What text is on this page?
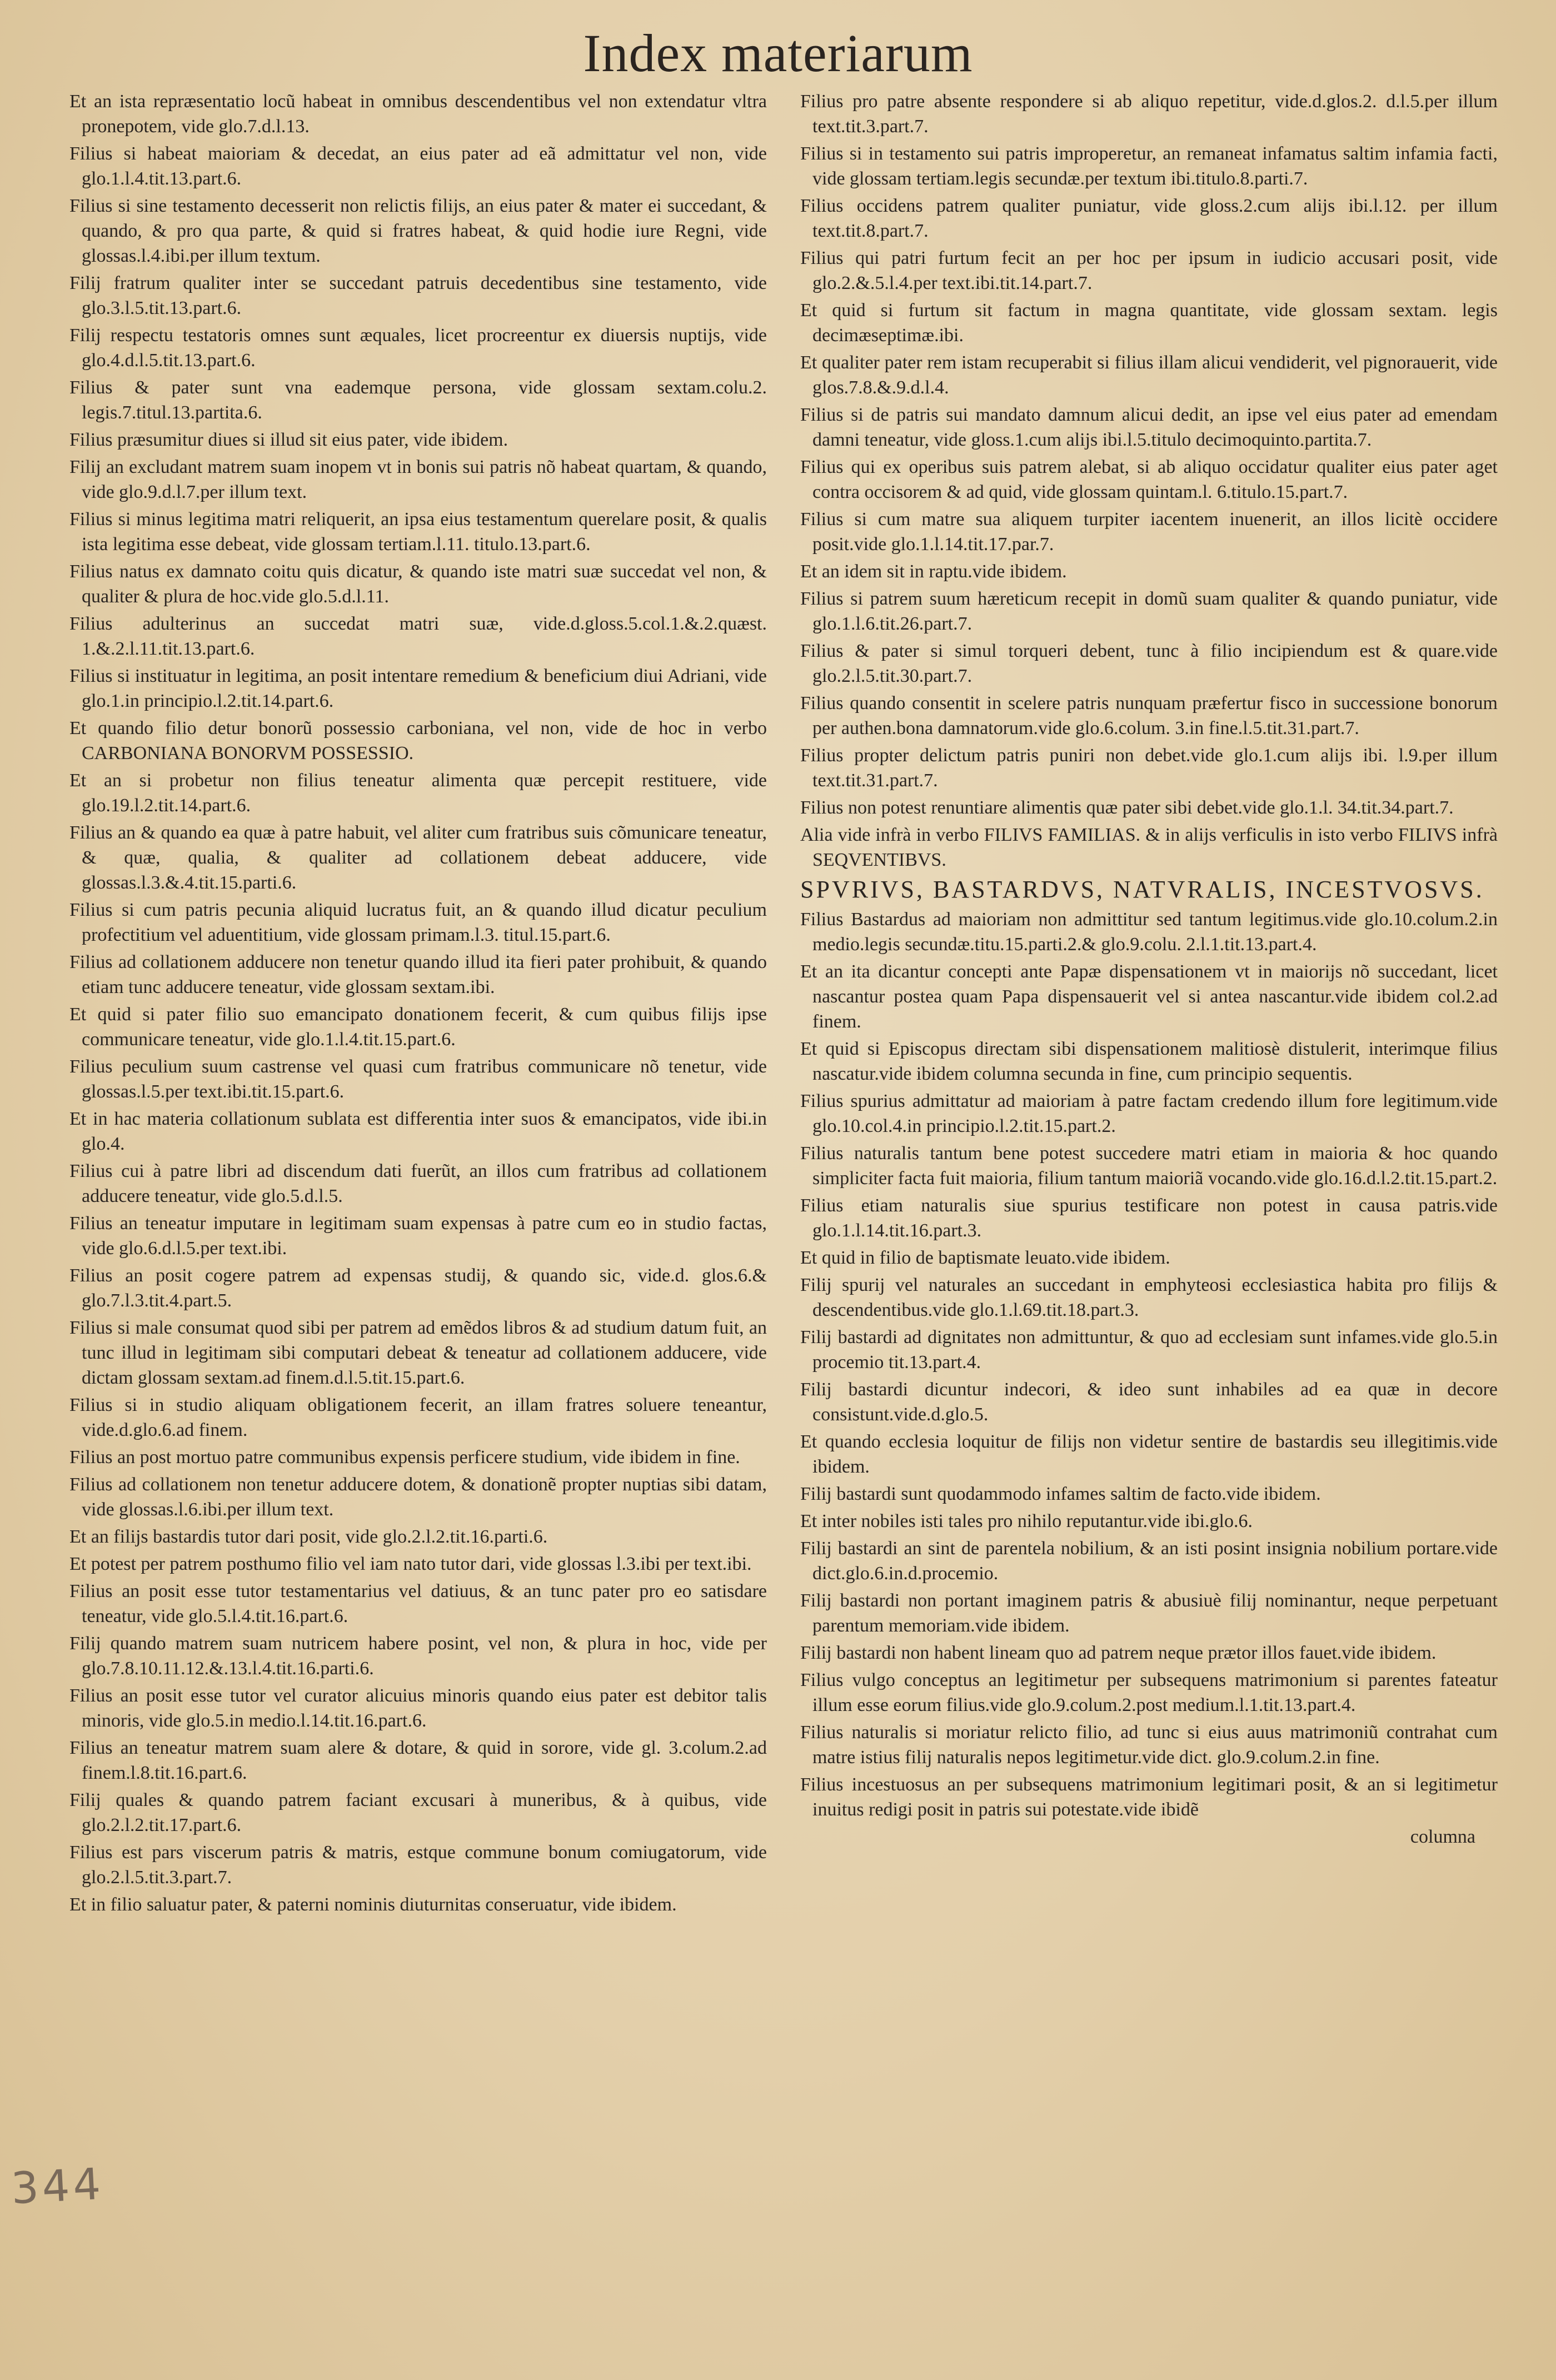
Index materiarum
Et an ista repræsentatio locũ habeat in omnibus descendentibus vel non extendatur vltra pronepotem, vide glo.7.d.l.13.
Filius si habeat maioriam & decedat, an eius pater ad eã admittatur vel non, vide glo.1.l.4.tit.13.part.6.
Filius si sine testamento decesserit non relictis filijs, an eius pater & mater ei succedant, & quando, & pro qua parte, & quid si fratres habeat, & quid hodie iure Regni, vide glossas.l.4.ibi.per illum textum.
Filij fratrum qualiter inter se succedant patruis decedentibus sine testamento, vide glo.3.l.5.tit.13.part.6.
Filij respectu testatoris omnes sunt æquales, licet procreentur ex diuersis nuptijs, vide glo.4.d.l.5.tit.13.part.6.
Filius & pater sunt vna eademque persona, vide glossam sextam.colu.2. legis.7.titul.13.partita.6.
Filius præsumitur diues si illud sit eius pater, vide ibidem.
Filij an excludant matrem suam inopem vt in bonis sui patris nõ habeat quartam, & quando, vide glo.9.d.l.7.per illum text.
Filius si minus legitima matri reliquerit, an ipsa eius testamentum querelare posit, & qualis ista legitima esse debeat, vide glossam tertiam.l.11. titulo.13.part.6.
Filius natus ex damnato coitu quis dicatur, & quando iste matri suæ succedat vel non, & qualiter & plura de hoc.vide glo.5.d.l.11.
Filius adulterinus an succedat matri suæ, vide.d.gloss.5.col.1.&.2.quæst. 1.&.2.l.11.tit.13.part.6.
Filius si instituatur in legitima, an posit intentare remedium & beneficium diui Adriani, vide glo.1.in principio.l.2.tit.14.part.6.
Et quando filio detur bonorũ possessio carboniana, vel non, vide de hoc in verbo CARBONIANA BONORVM POSSESSIO.
Et an si probetur non filius teneatur alimenta quæ percepit restituere, vide glo.19.l.2.tit.14.part.6.
Filius an & quando ea quæ à patre habuit, vel aliter cum fratribus suis cõmunicare teneatur, & quæ, qualia, & qualiter ad collationem debeat adducere, vide glossas.l.3.&.4.tit.15.parti.6.
Filius si cum patris pecunia aliquid lucratus fuit, an & quando illud dicatur peculium profectitium vel aduentitium, vide glossam primam.l.3. titul.15.part.6.
Filius ad collationem adducere non tenetur quando illud ita fieri pater prohibuit, & quando etiam tunc adducere teneatur, vide glossam sextam.ibi.
Et quid si pater filio suo emancipato donationem fecerit, & cum quibus filijs ipse communicare teneatur, vide glo.1.l.4.tit.15.part.6.
Filius peculium suum castrense vel quasi cum fratribus communicare nõ tenetur, vide glossas.l.5.per text.ibi.tit.15.part.6.
Et in hac materia collationum sublata est differentia inter suos & emancipatos, vide ibi.in glo.4.
Filius cui à patre libri ad discendum dati fuerũt, an illos cum fratribus ad collationem adducere teneatur, vide glo.5.d.l.5.
Filius an teneatur imputare in legitimam suam expensas à patre cum eo in studio factas, vide glo.6.d.l.5.per text.ibi.
Filius an posit cogere patrem ad expensas studij, & quando sic, vide.d. glos.6.& glo.7.l.3.tit.4.part.5.
Filius si male consumat quod sibi per patrem ad emẽdos libros & ad studium datum fuit, an tunc illud in legitimam sibi computari debeat & teneatur ad collationem adducere, vide dictam glossam sextam.ad finem.d.l.5.tit.15.part.6.
Filius si in studio aliquam obligationem fecerit, an illam fratres soluere teneantur, vide.d.glo.6.ad finem.
Filius an post mortuo patre communibus expensis perficere studium, vide ibidem in fine.
Filius ad collationem non tenetur adducere dotem, & donationẽ propter nuptias sibi datam, vide glossas.l.6.ibi.per illum text.
Et an filijs bastardis tutor dari posit, vide glo.2.l.2.tit.16.parti.6.
Et potest per patrem posthumo filio vel iam nato tutor dari, vide glossas l.3.ibi per text.ibi.
Filius an posit esse tutor testamentarius vel datiuus, & an tunc pater pro eo satisdare teneatur, vide glo.5.l.4.tit.16.part.6.
Filij quando matrem suam nutricem habere posint, vel non, & plura in hoc, vide per glo.7.8.10.11.12.&.13.l.4.tit.16.parti.6.
Filius an posit esse tutor vel curator alicuius minoris quando eius pater est debitor talis minoris, vide glo.5.in medio.l.14.tit.16.part.6.
Filius an teneatur matrem suam alere & dotare, & quid in sorore, vide gl. 3.colum.2.ad finem.l.8.tit.16.part.6.
Filij quales & quando patrem faciant excusari à muneribus, & à quibus, vide glo.2.l.2.tit.17.part.6.
Filius est pars viscerum patris & matris, estque commune bonum comiugatorum, vide glo.2.l.5.tit.3.part.7.
Et in filio saluatur pater, & paterni nominis diuturnitas conseruatur, vide ibidem.
Filius pro patre absente respondere si ab aliquo repetitur, vide.d.glos.2. d.l.5.per illum text.tit.3.part.7.
Filius si in testamento sui patris improperetur, an remaneat infamatus saltim infamia facti, vide glossam tertiam.legis secundæ.per textum ibi.titulo.8.parti.7.
Filius occidens patrem qualiter puniatur, vide gloss.2.cum alijs ibi.l.12. per illum text.tit.8.part.7.
Filius qui patri furtum fecit an per hoc per ipsum in iudicio accusari posit, vide glo.2.&.5.l.4.per text.ibi.tit.14.part.7.
Et quid si furtum sit factum in magna quantitate, vide glossam sextam. legis decimæseptimæ.ibi.
Et qualiter pater rem istam recuperabit si filius illam alicui vendiderit, vel pignorauerit, vide glos.7.8.&.9.d.l.4.
Filius si de patris sui mandato damnum alicui dedit, an ipse vel eius pater ad emendam damni teneatur, vide gloss.1.cum alijs ibi.l.5.titulo decimoquinto.partita.7.
Filius qui ex operibus suis patrem alebat, si ab aliquo occidatur qualiter eius pater aget contra occisorem & ad quid, vide glossam quintam.l. 6.titulo.15.part.7.
Filius si cum matre sua aliquem turpiter iacentem inuenerit, an illos licitè occidere posit.vide glo.1.l.14.tit.17.par.7.
Et an idem sit in raptu.vide ibidem.
Filius si patrem suum hæreticum recepit in domũ suam qualiter & quando puniatur, vide glo.1.l.6.tit.26.part.7.
Filius & pater si simul torqueri debent, tunc à filio incipiendum est & quare.vide glo.2.l.5.tit.30.part.7.
Filius quando consentit in scelere patris nunquam præfertur fisco in successione bonorum per authen.bona damnatorum.vide glo.6.colum. 3.in fine.l.5.tit.31.part.7.
Filius propter delictum patris puniri non debet.vide glo.1.cum alijs ibi. l.9.per illum text.tit.31.part.7.
Filius non potest renuntiare alimentis quæ pater sibi debet.vide glo.1.l. 34.tit.34.part.7.
Alia vide infrà in verbo FILIVS FAMILIAS. & in alijs verficulis in isto verbo FILIVS infrà SEQVENTIBVS.
SPVRIVS, BASTARDVS, NATVRALIS, INCESTVOSVS.
Filius Bastardus ad maioriam non admittitur sed tantum legitimus.vide glo.10.colum.2.in medio.legis secundæ.titu.15.parti.2.& glo.9.colu. 2.l.1.tit.13.part.4.
Et an ita dicantur concepti ante Papæ dispensationem vt in maiorijs nõ succedant, licet nascantur postea quam Papa dispensauerit vel si antea nascantur.vide ibidem col.2.ad finem.
Et quid si Episcopus directam sibi dispensationem malitiosè distulerit, interimque filius nascatur.vide ibidem columna secunda in fine, cum principio sequentis.
Filius spurius admittatur ad maioriam à patre factam credendo illum fore legitimum.vide glo.10.col.4.in principio.l.2.tit.15.part.2.
Filius naturalis tantum bene potest succedere matri etiam in maioria & hoc quando simpliciter facta fuit maioria, filium tantum maioriã vocando.vide glo.16.d.l.2.tit.15.part.2.
Filius etiam naturalis siue spurius testificare non potest in causa patris.vide glo.1.l.14.tit.16.part.3.
Et quid in filio de baptismate leuato.vide ibidem.
Filij spurij vel naturales an succedant in emphyteosi ecclesiastica habita pro filijs & descendentibus.vide glo.1.l.69.tit.18.part.3.
Filij bastardi ad dignitates non admittuntur, & quo ad ecclesiam sunt infames.vide glo.5.in procemio tit.13.part.4.
Filij bastardi dicuntur indecori, & ideo sunt inhabiles ad ea quæ in decore consistunt.vide.d.glo.5.
Et quando ecclesia loquitur de filijs non videtur sentire de bastardis seu illegitimis.vide ibidem.
Filij bastardi sunt quodammodo infames saltim de facto.vide ibidem.
Et inter nobiles isti tales pro nihilo reputantur.vide ibi.glo.6.
Filij bastardi an sint de parentela nobilium, & an isti posint insignia nobilium portare.vide dict.glo.6.in.d.procemio.
Filij bastardi non portant imaginem patris & abusiuè filij nominantur, neque perpetuant parentum memoriam.vide ibidem.
Filij bastardi non habent lineam quo ad patrem neque prætor illos fauet.vide ibidem.
Filius vulgo conceptus an legitimetur per subsequens matrimonium si parentes fateatur illum esse eorum filius.vide glo.9.colum.2.post medium.l.1.tit.13.part.4.
Filius naturalis si moriatur relicto filio, ad tunc si eius auus matrimoniũ contrahat cum matre istius filij naturalis nepos legitimetur.vide dict. glo.9.colum.2.in fine.
Filius incestuosus an per subsequens matrimonium legitimari posit, & an si legitimetur inuitus redigi posit in patris sui potestate.vide ibidẽ
columna
344
